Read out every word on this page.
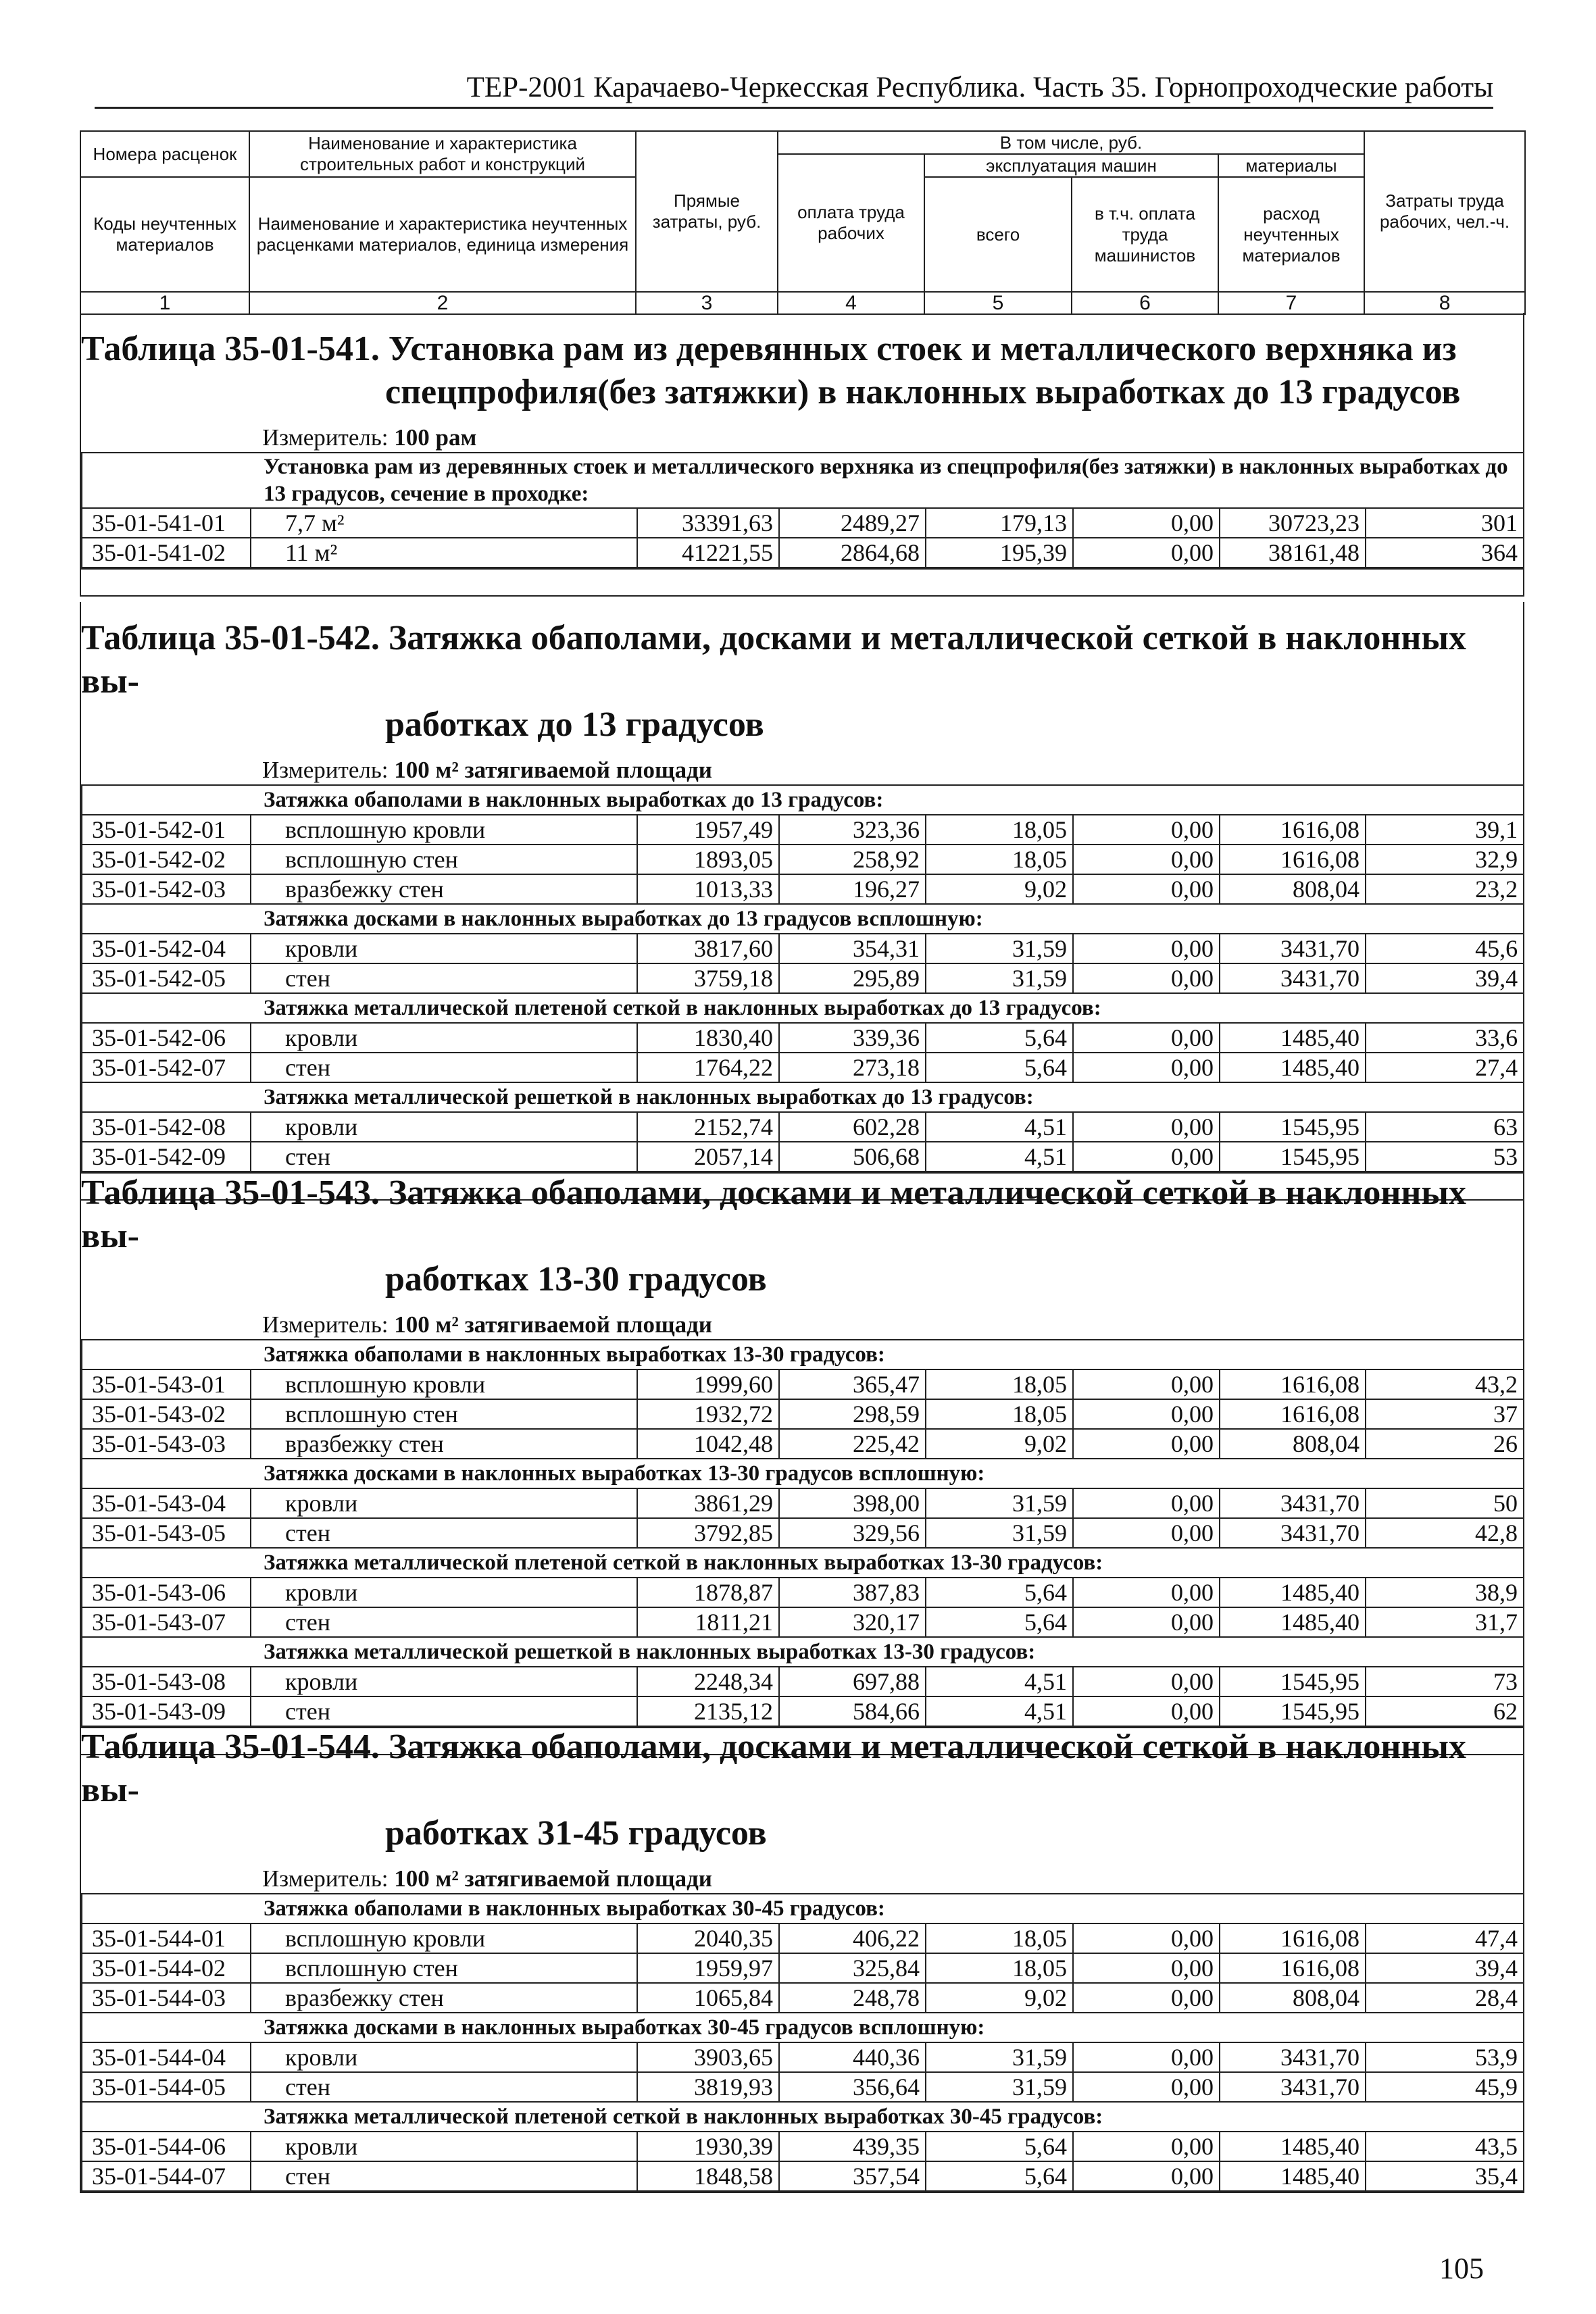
ТЕР-2001 Карачаево-Черкесская Республика. Часть 35. Горнопроходческие работы
Номера расценок	Наименование и характеристика строительных работ и конструкций	Прямые затраты, руб.	В том числе, руб.				Затраты труда рабочих, чел.-ч.
			оплата труда рабочих	эксплуатация машин		материалы	
Коды неучтенных материалов	Наименование и характеристика неучтенных расценками материалов, единица измерения			всего	в т.ч. оплата труда машинистов	расход неучтенных материалов	

1	2	3	4	5	6	7	8
Таблица 35-01-541. Установка рам из деревянных стоек и металлического верхняка из
спецпрофиля(без затяжки) в наклонных выработках до 13 градусов
Измеритель: 100 рам
Установка рам из деревянных стоек и металлического верхняка из спецпрофиля(без затяжки) в наклонных выработках до 13 градусов, сечение в проходке:							
35-01-541-01	7,7 м²	33391,63	2489,27	179,13	0,00	30723,23	301
35-01-541-02	11 м²	41221,55	2864,68	195,39	0,00	38161,48	364
Таблица 35-01-542. Затяжка обаполами, досками и металлической сеткой в наклонных вы-
работках до 13 градусов
Измеритель: 100 м² затягиваемой площади
Затяжка обаполами в наклонных выработках до 13 градусов:							
35-01-542-01	всплошную кровли	1957,49	323,36	18,05	0,00	1616,08	39,1
35-01-542-02	всплошную стен	1893,05	258,92	18,05	0,00	1616,08	32,9
35-01-542-03	вразбежку стен	1013,33	196,27	9,02	0,00	808,04	23,2
Затяжка досками в наклонных выработках до 13 градусов всплошную:							
35-01-542-04	кровли	3817,60	354,31	31,59	0,00	3431,70	45,6
35-01-542-05	стен	3759,18	295,89	31,59	0,00	3431,70	39,4
Затяжка металлической плетеной сеткой в наклонных выработках до 13 градусов:							
35-01-542-06	кровли	1830,40	339,36	5,64	0,00	1485,40	33,6
35-01-542-07	стен	1764,22	273,18	5,64	0,00	1485,40	27,4
Затяжка металлической решеткой в наклонных выработках до 13 градусов:							
35-01-542-08	кровли	2152,74	602,28	4,51	0,00	1545,95	63
35-01-542-09	стен	2057,14	506,68	4,51	0,00	1545,95	53
Таблица 35-01-543. Затяжка обаполами, досками и металлической сеткой в наклонных вы-
работках 13-30 градусов
Измеритель: 100 м² затягиваемой площади
Затяжка обаполами в наклонных выработках 13-30 градусов:							
35-01-543-01	всплошную кровли	1999,60	365,47	18,05	0,00	1616,08	43,2
35-01-543-02	всплошную стен	1932,72	298,59	18,05	0,00	1616,08	37
35-01-543-03	вразбежку стен	1042,48	225,42	9,02	0,00	808,04	26
Затяжка досками в наклонных выработках 13-30 градусов всплошную:							
35-01-543-04	кровли	3861,29	398,00	31,59	0,00	3431,70	50
35-01-543-05	стен	3792,85	329,56	31,59	0,00	3431,70	42,8
Затяжка металлической плетеной сеткой в наклонных выработках 13-30 градусов:							
35-01-543-06	кровли	1878,87	387,83	5,64	0,00	1485,40	38,9
35-01-543-07	стен	1811,21	320,17	5,64	0,00	1485,40	31,7
Затяжка металлической решеткой в наклонных выработках 13-30 градусов:							
35-01-543-08	кровли	2248,34	697,88	4,51	0,00	1545,95	73
35-01-543-09	стен	2135,12	584,66	4,51	0,00	1545,95	62
Таблица 35-01-544. Затяжка обаполами, досками и металлической сеткой в наклонных вы-
работках 31-45 градусов
Измеритель: 100 м² затягиваемой площади
Затяжка обаполами в наклонных выработках 30-45 градусов:							
35-01-544-01	всплошную кровли	2040,35	406,22	18,05	0,00	1616,08	47,4
35-01-544-02	всплошную стен	1959,97	325,84	18,05	0,00	1616,08	39,4
35-01-544-03	вразбежку стен	1065,84	248,78	9,02	0,00	808,04	28,4
Затяжка досками в наклонных выработках 30-45 градусов всплошную:							
35-01-544-04	кровли	3903,65	440,36	31,59	0,00	3431,70	53,9
35-01-544-05	стен	3819,93	356,64	31,59	0,00	3431,70	45,9
Затяжка металлической плетеной сеткой в наклонных выработках 30-45 градусов:							
35-01-544-06	кровли	1930,39	439,35	5,64	0,00	1485,40	43,5
35-01-544-07	стен	1848,58	357,54	5,64	0,00	1485,40	35,4
105
